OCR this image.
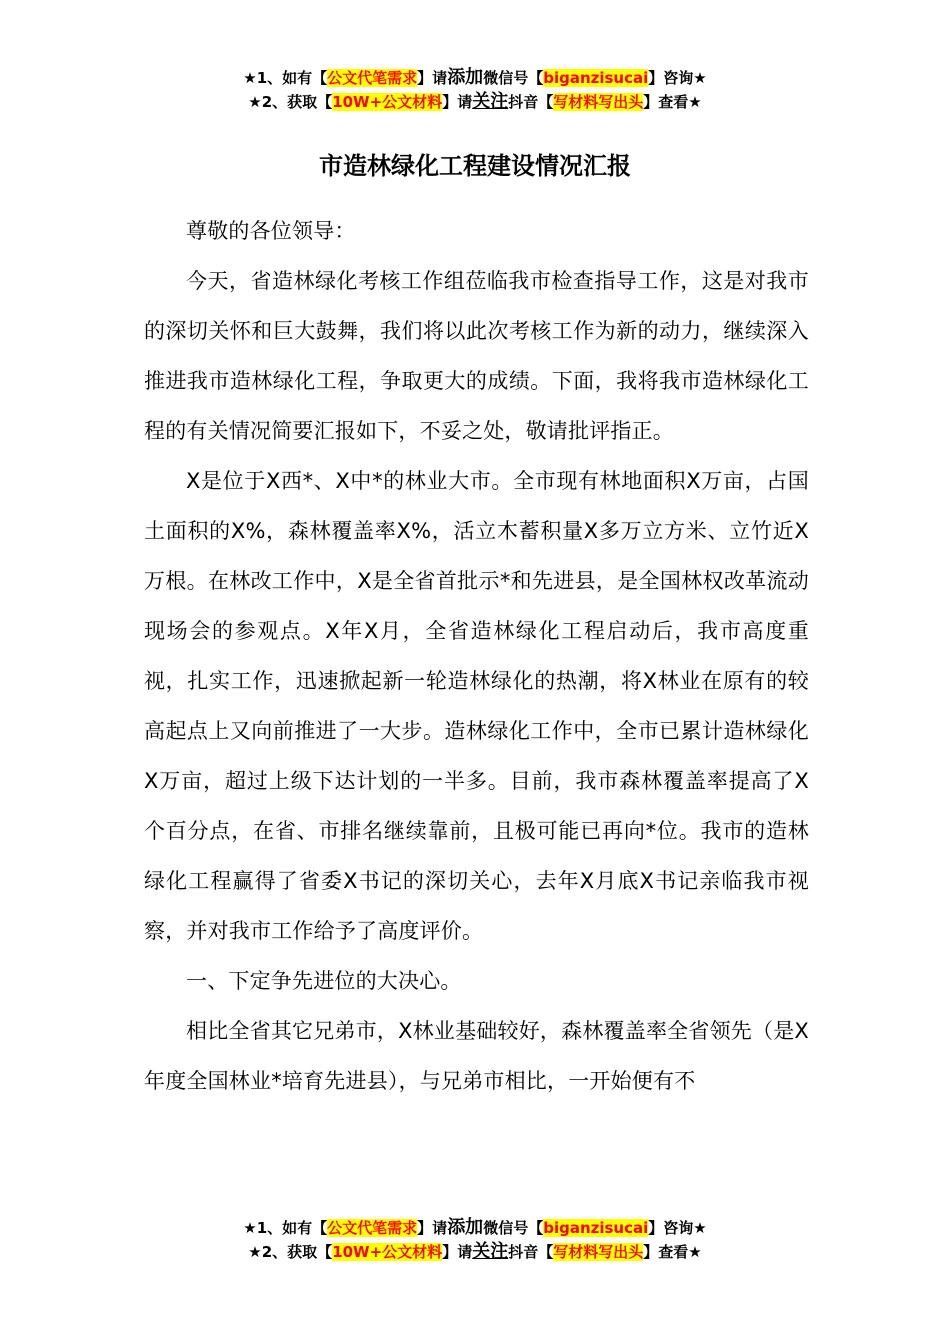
★1、如有【公文代笔需求】请添加微信号【biganzisucai】咨询★
★2、获取【10W+公文材料】请关注抖音【写材料写出头】查看★
市造林绿化工程建设情况汇报

尊敬的各位领导：

今天，省造林绿化考核工作组莅临我市检查指导工作，这是对我市的深切关怀和巨大鼓舞，我们将以此次考核工作为新的动力，继续深入推进我市造林绿化工程，争取更大的成绩。下面，我将我市造林绿化工程的有关情况简要汇报如下，不妥之处，敬请批评指正。

X是位于X西*、X中*的林业大市。全市现有林地面积X万亩，占国土面积的X%，森林覆盖率X%，活立木蓄积量X多万立方米、立竹近X万根。在林改工作中，X是全省首批示*和先进县，是全国林权改革流动现场会的参观点。X年X月，全省造林绿化工程启动后，我市高度重视，扎实工作，迅速掀起新一轮造林绿化的热潮，将X林业在原有的较高起点上又向前推进了一大步。造林绿化工作中，全市已累计造林绿化X万亩，超过上级下达计划的一半多。目前，我市森林覆盖率提高了X个百分点，在省、市排名继续靠前，且极可能已再向*位。我市的造林绿化工程赢得了省委X书记的深切关心，去年X月底X书记亲临我市视察，并对我市工作给予了高度评价。

一、下定争先进位的大决心。

相比全省其它兄弟市，X林业基础较好，森林覆盖率全省领先（是X年度全国林业*培育先进县），与兄弟市相比，一开始便有不

★1、如有【公文代笔需求】请添加微信号【biganzisucai】咨询★
★2、获取【10W+公文材料】请关注抖音【写材料写出头】查看★
